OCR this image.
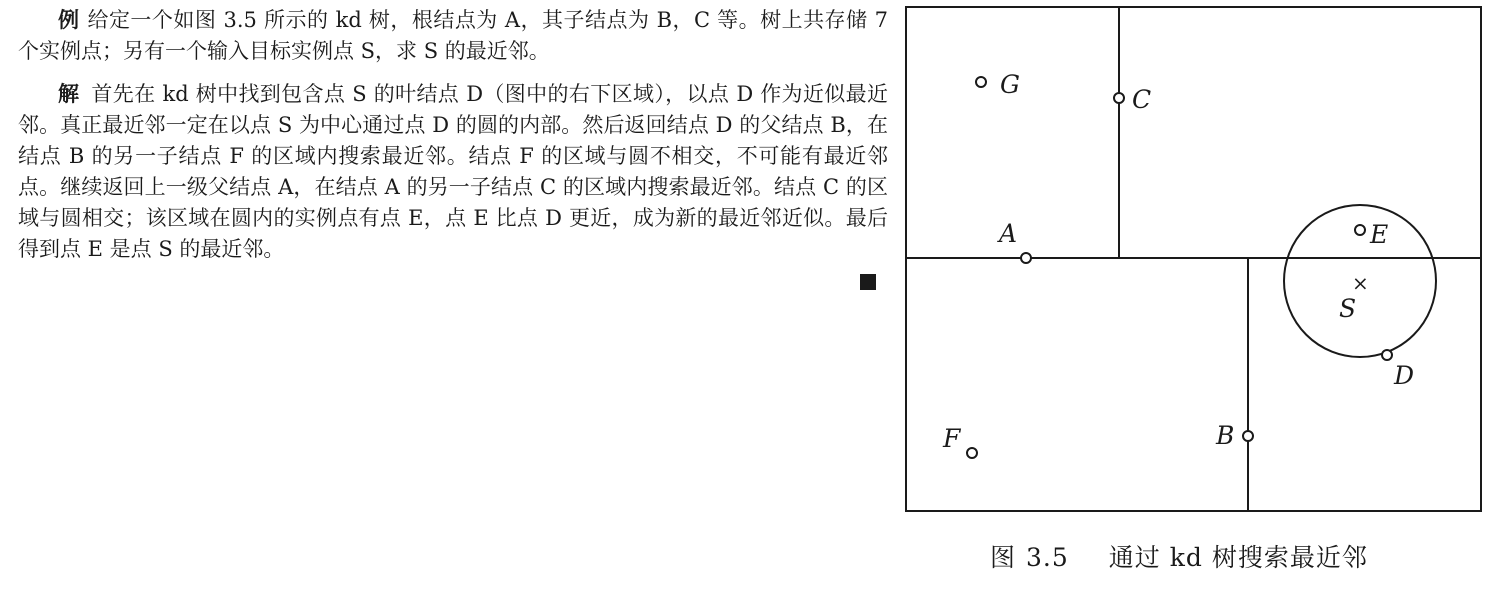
例 给定一个如图 3.5 所示的 kd 树，根结点为 A，其子结点为 B，C 等。树上共存储 7 个实例点；另有一个输入目标实例点 S，求 S 的最近邻。

解 首先在 kd 树中找到包含点 S 的叶结点 D（图中的右下区域），以点 D 作为近似最近邻。真正最近邻一定在以点 S 为中心通过点 D 的圆的内部。然后返回结点 D 的父结点 B，在结点 B 的另一子结点 F 的区域内搜索最近邻。结点 F 的区域与圆不相交，不可能有最近邻点。继续返回上一级父结点 A，在结点 A 的另一子结点 C 的区域内搜索最近邻。结点 C 的区域与圆相交；该区域在圆内的实例点有点 E，点 E 比点 D 更近，成为新的最近邻近似。最后得到点 E 是点 S 的最近邻。

G
C
A	E
×
S
D
F	B
图 3.5 通过 kd 树搜索最近邻
